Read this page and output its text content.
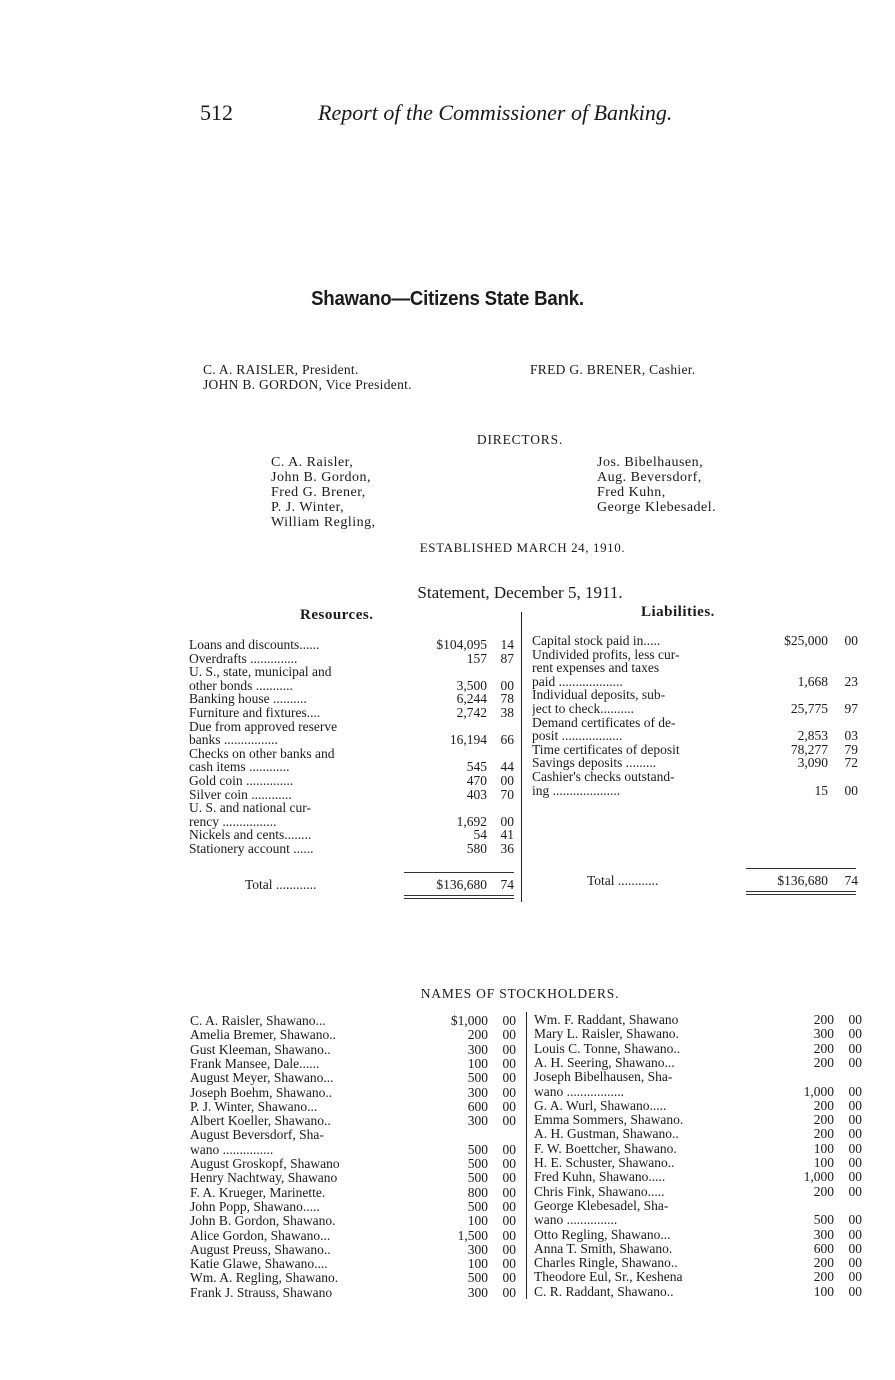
512	Report of the Commissioner of Banking.
Shawano—Citizens State Bank.
C. A. RAISLER, President.
JOHN B. GORDON, Vice President.
FRED G. BRENER, Cashier.
DIRECTORS.
C. A. Raisler,
John B. Gordon,
Fred G. Brener,
P. J. Winter,
William Regling,
Jos. Bibelhausen,
Aug. Beversdorf,
Fred Kuhn,
George Klebesadel.
ESTABLISHED MARCH 24, 1910.
Statement, December 5, 1911.
Resources.	Liabilities.
Loans and discounts......	$104,095	14
Overdrafts ..............	157	87
U. S., state, municipal and
other bonds ...........	3,500	00
Banking house ..........	6,244	78
Furniture and fixtures....	2,742	38
Due from approved reserve
banks ................	16,194	66
Checks on other banks and
cash items ............	545	44
Gold coin ..............	470	00
Silver coin ............	403	70
U. S. and national cur-
rency ................	1,692	00
Nickels and cents........	54	41
Stationery account ......	580	36
Total ............	$136,680	74
Capital stock paid in.....	$25,000	00
Undivided profits, less cur-
rent expenses and taxes
paid ...................	1,668	23
Individual deposits, sub-
ject to check..........	25,775	97
Demand certificates of de-
posit ..................	2,853	03
Time certificates of deposit	78,277	79
Savings deposits .........	3,090	72
Cashier's checks outstand-
ing ....................	15	00
Total ............	$136,680	74
NAMES OF STOCKHOLDERS.
C. A. Raisler, Shawano...	$1,000	00
Amelia Bremer, Shawano..	200	00
Gust Kleeman, Shawano..	300	00
Frank Mansee, Dale......	100	00
August Meyer, Shawano...	500	00
Joseph Boehm, Shawano..	300	00
P. J. Winter, Shawano...	600	00
Albert Koeller, Shawano..	300	00
August Beversdorf, Sha-
wano ...............	500	00
August Groskopf, Shawano	500	00
Henry Nachtway, Shawano	500	00
F. A. Krueger, Marinette.	800	00
John Popp, Shawano.....	500	00
John B. Gordon, Shawano.	100	00
Alice Gordon, Shawano...	1,500	00
August Preuss, Shawano..	300	00
Katie Glawe, Shawano....	100	00
Wm. A. Regling, Shawano.	500	00
Frank J. Strauss, Shawano	300	00
Wm. F. Raddant, Shawano	200	00
Mary L. Raisler, Shawano.	300	00
Louis C. Tonne, Shawano..	200	00
A. H. Seering, Shawano...	200	00
Joseph Bibelhausen, Sha-
wano .................	1,000	00
G. A. Wurl, Shawano.....	200	00
Emma Sommers, Shawano.	200	00
A. H. Gustman, Shawano..	200	00
F. W. Boettcher, Shawano.	100	00
H. E. Schuster, Shawano..	100	00
Fred Kuhn, Shawano.....	1,000	00
Chris Fink, Shawano.....	200	00
George Klebesadel, Sha-
wano ...............	500	00
Otto Regling, Shawano...	300	00
Anna T. Smith, Shawano.	600	00
Charles Ringle, Shawano..	200	00
Theodore Eul, Sr., Keshena	200	00
C. R. Raddant, Shawano..	100	00
